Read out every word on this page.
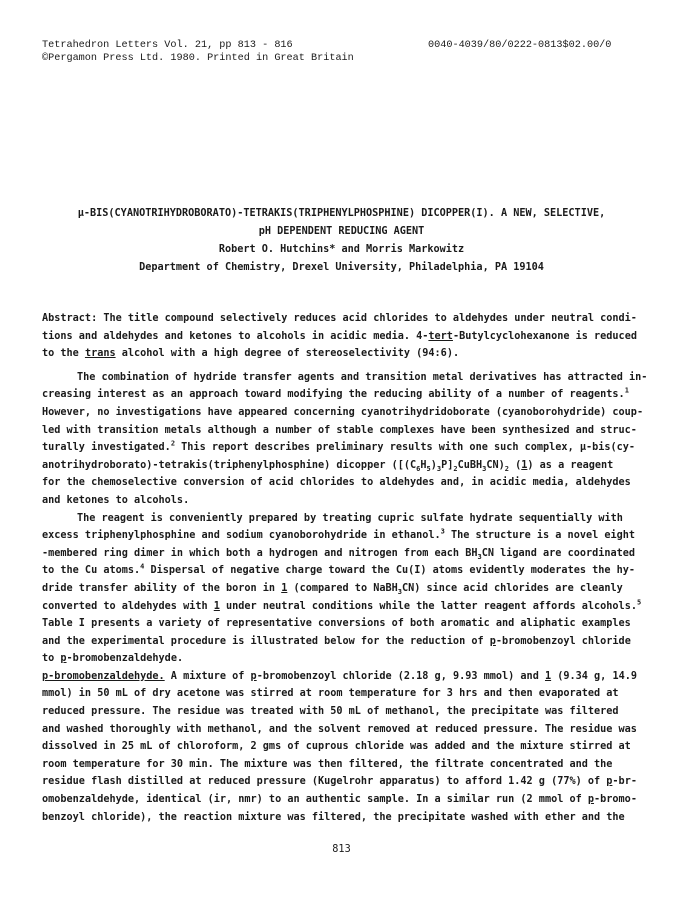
Tetrahedron Letters Vol. 21, pp 813 - 816
©Pergamon Press Ltd. 1980. Printed in Great Britain
0040-4039/80/0222-0813$02.00/0
μ-BIS(CYANOTRIHYDROBORATO)-TETRAKIS(TRIPHENYLPHOSPHINE) DICOPPER(I). A NEW, SELECTIVE,
pH DEPENDENT REDUCING AGENT
Robert O. Hutchins* and Morris Markowitz
Department of Chemistry, Drexel University, Philadelphia, PA 19104
Abstract: The title compound selectively reduces acid chlorides to aldehydes under neutral condi-
tions and aldehydes and ketones to alcohols in acidic media. 4-tert-Butylcyclohexanone is reduced
to the trans alcohol with a high degree of stereoselectivity (94:6).
The combination of hydride transfer agents and transition metal derivatives has attracted in-
creasing interest as an approach toward modifying the reducing ability of a number of reagents.$^1$
However, no investigations have appeared concerning cyanotrihydridoborate (cyanoborohydride) coup-
led with transition metals although a number of stable complexes have been synthesized and struc-
turally investigated.$^2$ This report describes preliminary results with one such complex, μ-bis(cy-
anotrihydroborato)-tetrakis(triphenylphosphine) dicopper $([(C_6H_5)_3P]_2CuBH_3CN)_2$ (1) as a reagent
for the chemoselective conversion of acid chlorides to aldehydes and, in acidic media, aldehydes
and ketones to alcohols.
The reagent is conveniently prepared by treating cupric sulfate hydrate sequentially with
excess triphenylphosphine and sodium cyanoborohydride in ethanol.$^3$ The structure is a novel eight
-membered ring dimer in which both a hydrogen and nitrogen from each $BH_3CN$ ligand are coordinated
to the Cu atoms.$^4$ Dispersal of negative charge toward the Cu(I) atoms evidently moderates the hy-
dride transfer ability of the boron in 1 (compared to NaBH$_3$CN) since acid chlorides are cleanly
converted to aldehydes with 1 under neutral conditions while the latter reagent affords alcohols.$^5$
Table I presents a variety of representative conversions of both aromatic and aliphatic examples
and the experimental procedure is illustrated below for the reduction of p-bromobenzoyl chloride
to p-bromobenzaldehyde.
p-bromobenzaldehyde. A mixture of p-bromobenzoyl chloride (2.18 g, 9.93 mmol) and 1 (9.34 g, 14.9
mmol) in 50 mL of dry acetone was stirred at room temperature for 3 hrs and then evaporated at
reduced pressure. The residue was treated with 50 mL of methanol, the precipitate was filtered
and washed thoroughly with methanol, and the solvent removed at reduced pressure. The residue was
dissolved in 25 mL of chloroform, 2 gms of cuprous chloride was added and the mixture stirred at
room temperature for 30 min. The mixture was then filtered, the filtrate concentrated and the
residue flash distilled at reduced pressure (Kugelrohr apparatus) to afford 1.42 g (77%) of p-br-
omobenzaldehyde, identical (ir, nmr) to an authentic sample. In a similar run (2 mmol of p-bromo-
benzoyl chloride), the reaction mixture was filtered, the precipitate washed with ether and the
813
